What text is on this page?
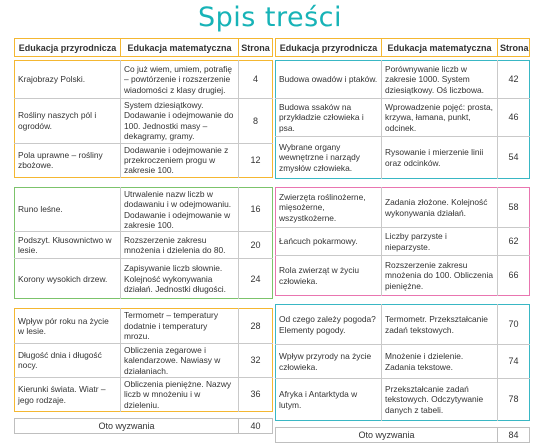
Spis treści
Edukacja przyrodnicza	Edukacja matematyczna	Strona
Krajobrazy Polski.	Co już wiem, umiem, potrafię – powtórzenie i rozszerzenie wiadomości z klasy drugiej.	4
Rośliny naszych pól i ogrodów.	System dziesiątkowy. Dodawanie i odejmowanie do 100. Jednostki masy – dekagramy, gramy.	8
Pola uprawne – rośliny zbożowe.	Dodawanie i odejmowanie z przekroczeniem progu w zakresie 100.	12
Runo leśne.	Utrwalenie nazw liczb w dodawaniu i w odejmowaniu. Dodawanie i odejmowanie w zakresie 100.	16
Podszyt. Kłusownictwo w lesie.	Rozszerzenie zakresu mnożenia i dzielenia do 80.	20
Korony wysokich drzew.	Zapisywanie liczb słownie. Kolejność wykonywania działań. Jednostki długości.	24
Wpływ pór roku na życie w lesie.	Termometr – temperatury dodatnie i temperatury mrozu.	28
Długość dnia i długość nocy.	Obliczenia zegarowe i kalendarzowe. Nawiasy w działaniach.	32
Kierunki świata. Wiatr – jego rodzaje.	Obliczenia pieniężne. Nazwy liczb w mnożeniu i w dzieleniu.	36
Oto wyzwania	40
Edukacja przyrodnicza	Edukacja matematyczna	Strona
Budowa owadów i ptaków.	Porównywanie liczb w zakresie 1000. System dziesiątkowy. Oś liczbowa.	42
Budowa ssaków na przykładzie człowieka i psa.	Wprowadzenie pojęć: prosta, krzywa, łamana, punkt, odcinek.	46
Wybrane organy wewnętrzne i narządy zmysłów człowieka.	Rysowanie i mierzenie linii oraz odcinków.	54
Zwierzęta roślinożerne, mięsożerne, wszystkożerne.	Zadania złożone. Kolejność wykonywania działań.	58
Łańcuch pokarmowy.	Liczby parzyste i nieparzyste.	62
Rola zwierząt w życiu człowieka.	Rozszerzenie zakresu mnożenia do 100. Obliczenia pieniężne.	66
Od czego zależy pogoda? Elementy pogody.	Termometr. Przekształcanie zadań tekstowych.	70
Wpływ przyrody na życie człowieka.	Mnożenie i dzielenie. Zadania tekstowe.	74
Afryka i Antarktyda w lutym.	Przekształcanie zadań tekstowych. Odczytywanie danych z tabeli.	78
Oto wyzwania	84
